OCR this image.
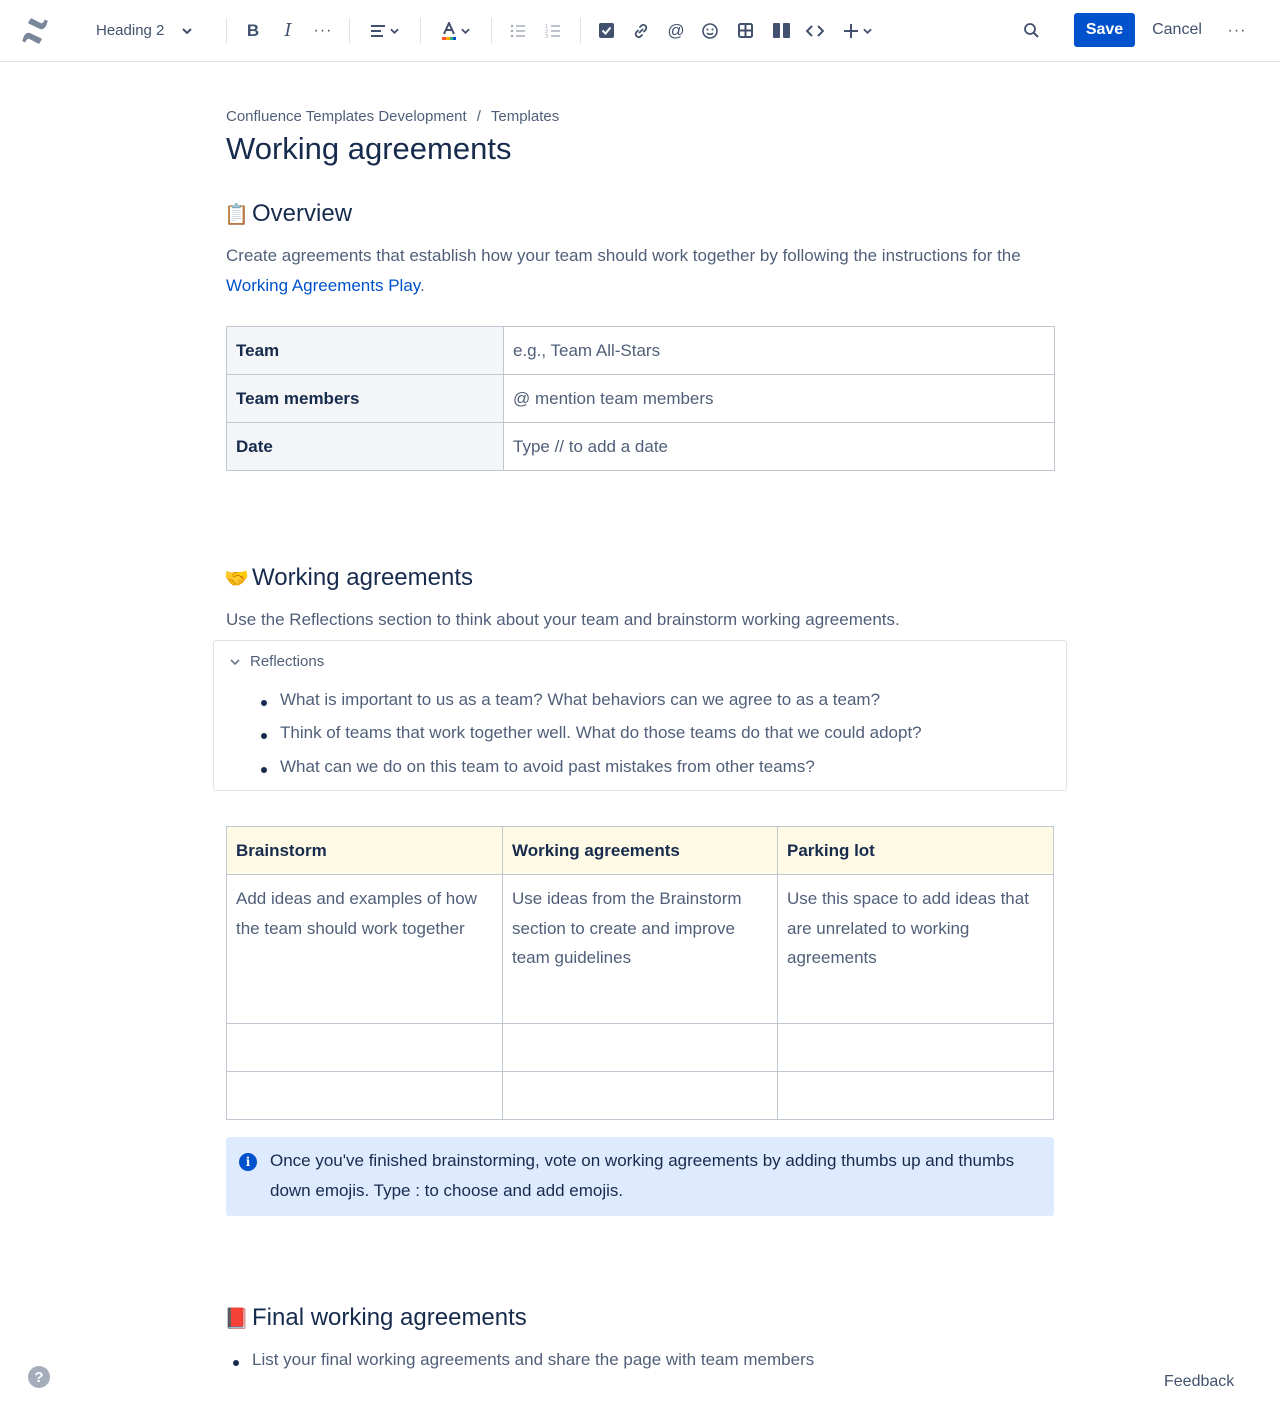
Heading 2	B	I	···	1
2
3	@	Save	Cancel ···
Confluence Templates Development / Templates
Working agreements
📋 Overview
Create agreements that establish how your team should work together by following the instructions for the Working Agreements Play.
Team	e.g., Team All-Stars
Team members	@ mention team members
Date	Type // to add a date
🤝 Working agreements
Use the Reflections section to think about your team and brainstorm working agreements.
Reflections
What is important to us as a team? What behaviors can we agree to as a team?
Think of teams that work together well. What do those teams do that we could adopt?
What can we do on this team to avoid past mistakes from other teams?
Brainstorm	Working agreements	Parking lot
Add ideas and examples of how the team should work together	Use ideas from the Brainstorm section to create and improve team guidelines	Use this space to add ideas that are unrelated to working agreements

i	Once you've finished brainstorming, vote on working agreements by adding thumbs up and thumbs down emojis. Type : to choose and add emojis.
📕 Final working agreements
List your final working agreements and share the page with team members
?	Feedback
